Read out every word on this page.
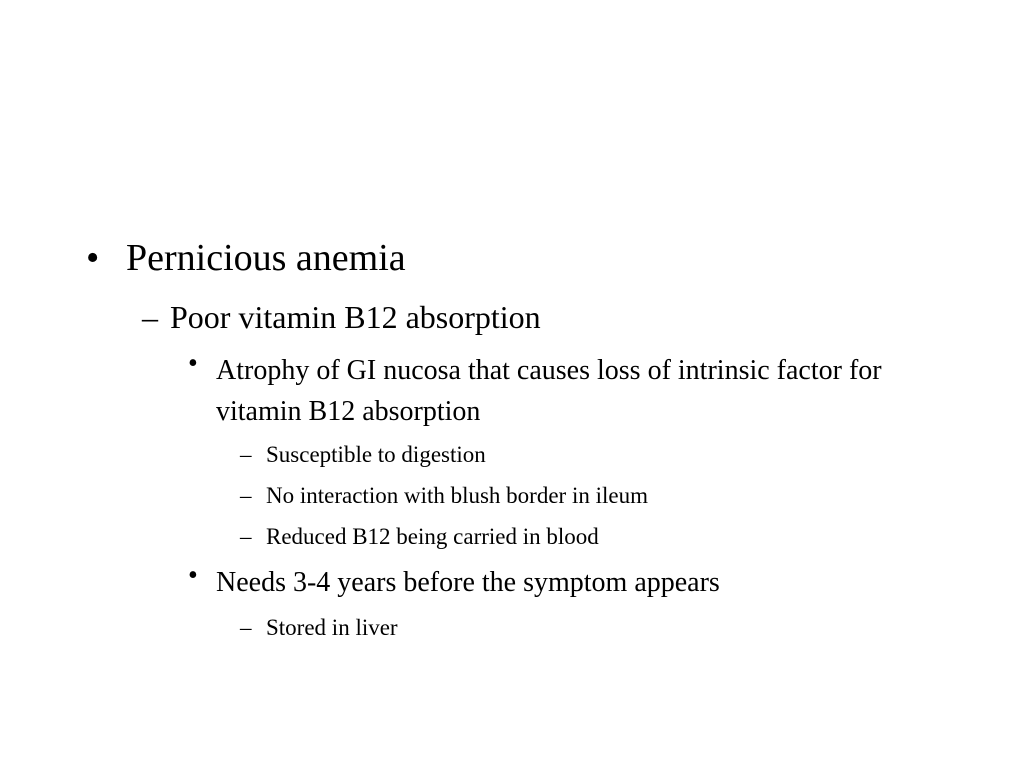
• Pernicious anemia
– Poor vitamin B12 absorption
• Atrophy of GI nucosa that causes loss of intrinsic factor for vitamin B12 absorption
– Susceptible to digestion
– No interaction with blush border in ileum
– Reduced B12 being carried in blood
• Needs 3-4 years before the symptom appears
– Stored in liver
